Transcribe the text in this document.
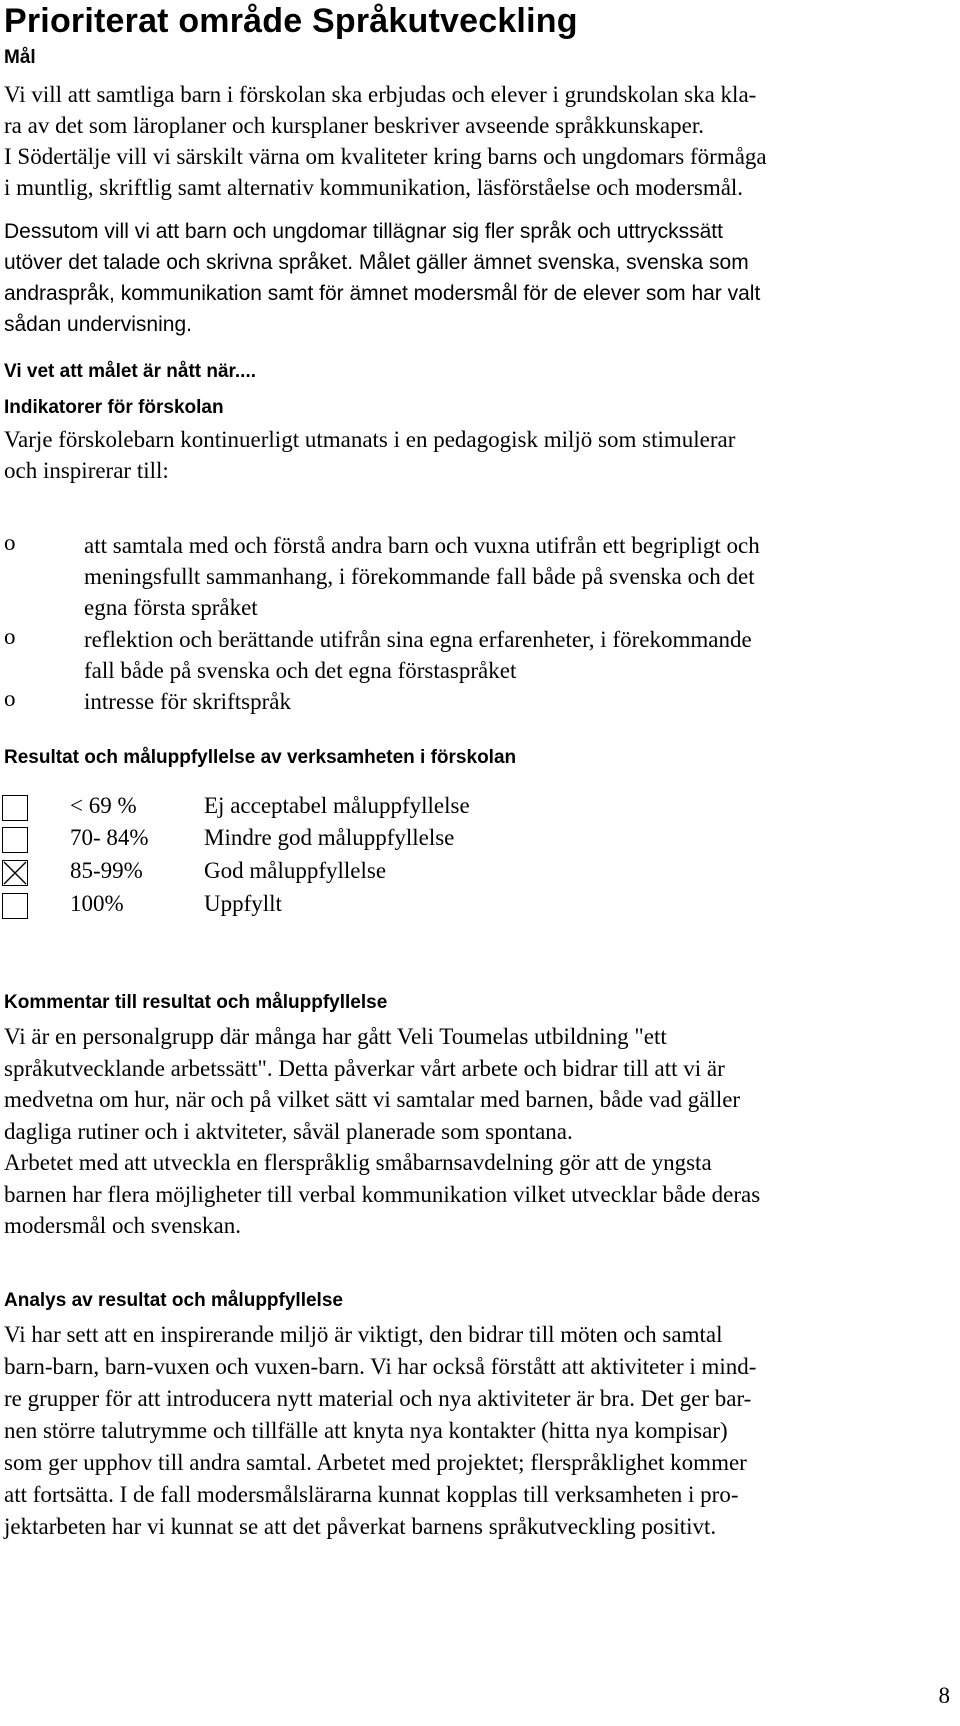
Prioriterat område Språkutveckling
Mål
Vi vill att samtliga barn i förskolan ska erbjudas och elever i grundskolan ska kla-
ra av det som läroplaner och kursplaner beskriver avseende språkkunskaper.
I Södertälje vill vi särskilt värna om kvaliteter kring barns och ungdomars förmåga
i muntlig, skriftlig samt alternativ kommunikation, läsförståelse och modersmål.
Dessutom vill vi att barn och ungdomar tillägnar sig fler språk och uttryckssätt
utöver det talade och skrivna språket. Målet gäller ämnet svenska, svenska som
andraspråk, kommunikation samt för ämnet modersmål för de elever som har valt
sådan undervisning.
Vi vet att målet är nått när....
Indikatorer för förskolan
Varje förskolebarn kontinuerligt utmanats i en pedagogisk miljö som stimulerar
och inspirerar till:
o	att samtala med och förstå andra barn och vuxna utifrån ett begripligt och
meningsfullt sammanhang, i förekommande fall både på svenska och det
egna första språket
o	reflektion och berättande utifrån sina egna erfarenheter, i förekommande
fall både på svenska och det egna förstaspråket
o	intresse för skriftspråk
Resultat och måluppfyllelse av verksamheten i förskolan
< 69 %	Ej acceptabel måluppfyllelse
70- 84% Mindre god måluppfyllelse
85-99%	God måluppfyllelse
100%	Uppfyllt
Kommentar till resultat och måluppfyllelse
Vi är en personalgrupp där många har gått Veli Toumelas utbildning "ett
språkutvecklande arbetssätt". Detta påverkar vårt arbete och bidrar till att vi är
medvetna om hur, när och på vilket sätt vi samtalar med barnen, både vad gäller
dagliga rutiner och i aktviteter, såväl planerade som spontana.
Arbetet med att utveckla en flerspråklig småbarnsavdelning gör att de yngsta
barnen har flera möjligheter till verbal kommunikation vilket utvecklar både deras
modersmål och svenskan.
Analys av resultat och måluppfyllelse
Vi har sett att en inspirerande miljö är viktigt, den bidrar till möten och samtal
barn-barn, barn-vuxen och vuxen-barn. Vi har också förstått att aktiviteter i mind-
re grupper för att introducera nytt material och nya aktiviteter är bra. Det ger bar-
nen större talutrymme och tillfälle att knyta nya kontakter (hitta nya kompisar)
som ger upphov till andra samtal. Arbetet med projektet; flerspråklighet kommer
att fortsätta. I de fall modersmålslärarna kunnat kopplas till verksamheten i pro-
jektarbeten har vi kunnat se att det påverkat barnens språkutveckling positivt.
8
